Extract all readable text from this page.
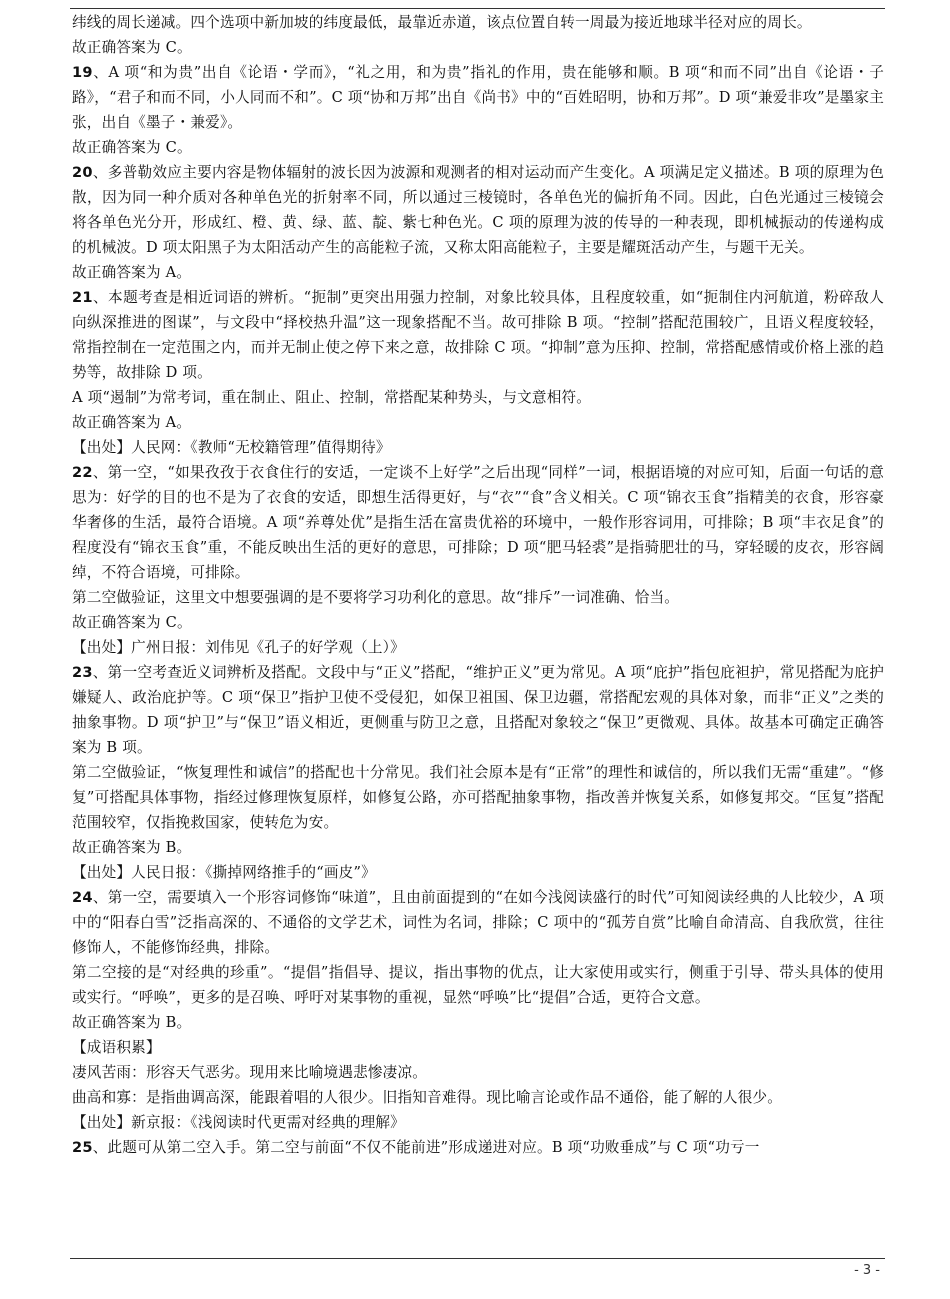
纬线的周长递减。四个选项中新加坡的纬度最低，最靠近赤道，该点位置自转一周最为接近地球半径对应的周长。

故正确答案为 C。

19、A 项“和为贵”出自《论语・学而》，“礼之用，和为贵”指礼的作用，贵在能够和顺。B 项“和而不同”出自《论语・子路》，“君子和而不同，小人同而不和”。C 项“协和万邦”出自《尚书》中的“百姓昭明，协和万邦”。D 项“兼爱非攻”是墨家主张，出自《墨子・兼爱》。

故正确答案为 C。

20、多普勒效应主要内容是物体辐射的波长因为波源和观测者的相对运动而产生变化。A 项满足定义描述。B 项的原理为色散，因为同一种介质对各种单色光的折射率不同，所以通过三棱镜时，各单色光的偏折角不同。因此，白色光通过三棱镜会将各单色光分开，形成红、橙、黄、绿、蓝、靛、紫七种色光。C 项的原理为波的传导的一种表现，即机械振动的传递构成的机械波。D 项太阳黑子为太阳活动产生的高能粒子流，又称太阳高能粒子，主要是耀斑活动产生，与题干无关。

故正确答案为 A。

21、本题考查是相近词语的辨析。“扼制”更突出用强力控制，对象比较具体，且程度较重，如“扼制住内河航道，粉碎敌人向纵深推进的图谋”，与文段中“择校热升温”这一现象搭配不当。故可排除 B 项。“控制”搭配范围较广，且语义程度较轻，常指控制在一定范围之内，而并无制止使之停下来之意，故排除 C 项。“抑制”意为压抑、控制，常搭配感情或价格上涨的趋势等，故排除 D 项。

A 项“遏制”为常考词，重在制止、阻止、控制，常搭配某种势头，与文意相符。

故正确答案为 A。

【出处】人民网：《教师“无校籍管理”值得期待》

22、第一空，“如果孜孜于衣食住行的安适，一定谈不上好学”之后出现“同样”一词，根据语境的对应可知，后面一句话的意思为：好学的目的也不是为了衣食的安适，即想生活得更好，与“衣”“食”含义相关。C 项“锦衣玉食”指精美的衣食，形容豪华奢侈的生活，最符合语境。A 项“养尊处优”是指生活在富贵优裕的环境中，一般作形容词用，可排除；B 项“丰衣足食”的程度没有“锦衣玉食”重，不能反映出生活的更好的意思，可排除；D 项“肥马轻裘”是指骑肥壮的马，穿轻暖的皮衣，形容阔绰，不符合语境，可排除。

第二空做验证，这里文中想要强调的是不要将学习功利化的意思。故“排斥”一词准确、恰当。

故正确答案为 C。

【出处】广州日报：刘伟见《孔子的好学观（上）》

23、第一空考查近义词辨析及搭配。文段中与“正义”搭配，“维护正义”更为常见。A 项“庇护”指包庇袒护，常见搭配为庇护嫌疑人、政治庇护等。C 项“保卫”指护卫使不受侵犯，如保卫祖国、保卫边疆，常搭配宏观的具体对象，而非“正义”之类的抽象事物。D 项“护卫”与“保卫”语义相近，更侧重与防卫之意，且搭配对象较之“保卫”更微观、具体。故基本可确定正确答案为 B 项。

第二空做验证，“恢复理性和诚信”的搭配也十分常见。我们社会原本是有“正常”的理性和诚信的，所以我们无需“重建”。“修复”可搭配具体事物，指经过修理恢复原样，如修复公路，亦可搭配抽象事物，指改善并恢复关系，如修复邦交。“匡复”搭配范围较窄，仅指挽救国家，使转危为安。

故正确答案为 B。

【出处】人民日报：《撕掉网络推手的“画皮”》

24、第一空，需要填入一个形容词修饰“味道”，且由前面提到的“在如今浅阅读盛行的时代”可知阅读经典的人比较少，A 项中的“阳春白雪”泛指高深的、不通俗的文学艺术，词性为名词，排除；C 项中的“孤芳自赏”比喻自命清高、自我欣赏，往往修饰人，不能修饰经典，排除。

第二空接的是“对经典的珍重”。“提倡”指倡导、提议，指出事物的优点，让大家使用或实行，侧重于引导、带头具体的使用或实行。“呼唤”，更多的是召唤、呼吁对某事物的重视，显然“呼唤”比“提倡”合适，更符合文意。

故正确答案为 B。

【成语积累】

凄风苦雨：形容天气恶劣。现用来比喻境遇悲惨凄凉。

曲高和寡：是指曲调高深，能跟着唱的人很少。旧指知音难得。现比喻言论或作品不通俗，能了解的人很少。

【出处】新京报：《浅阅读时代更需对经典的理解》

25、此题可从第二空入手。第二空与前面“不仅不能前进”形成递进对应。B 项“功败垂成”与 C 项“功亏一

- 3 -
